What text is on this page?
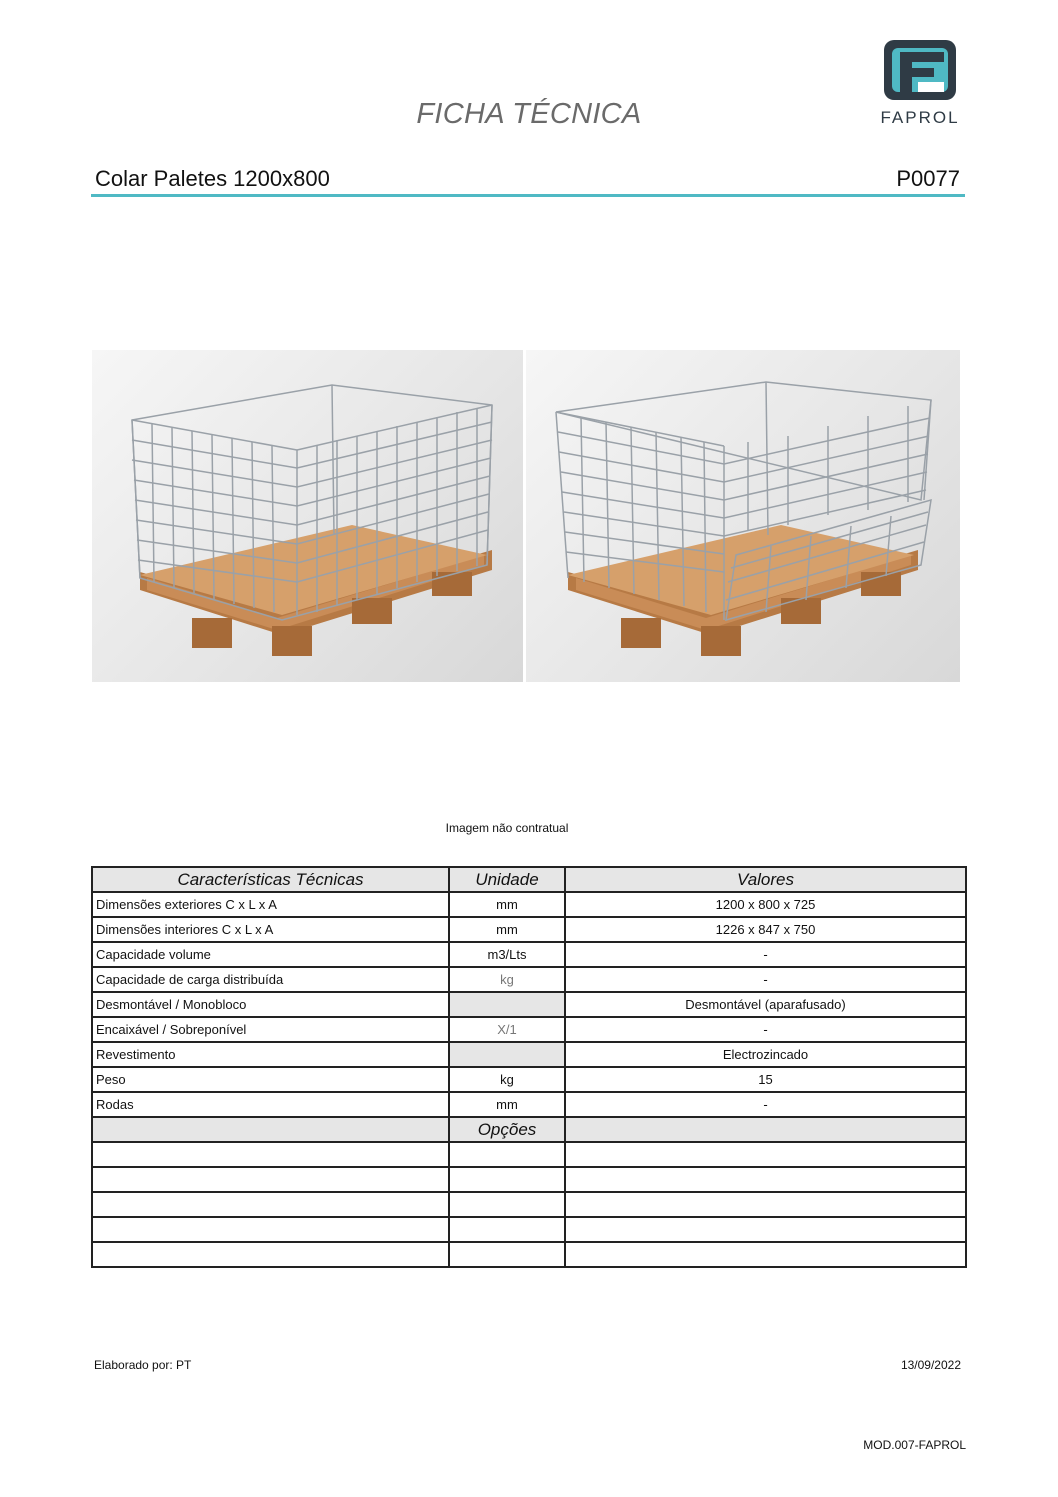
FICHA TÉCNICA	FAPROL
Colar Paletes 1200x800	P0077
Imagem não contratual
Características Técnicas	Unidade	Valores
Dimensões exteriores C x L x A	mm	1200 x 800 x 725
Dimensões interiores C x L x A	mm	1226 x 847 x 750
Capacidade volume	m3/Lts	-
Capacidade de carga distribuída	kg	-
Desmontável / Monobloco		Desmontável (aparafusado)
Encaixável / Sobreponível	X/1	-
Revestimento		Electrozincado
Peso	kg	15
Rodas	mm	-
	Opções	

Elaborado por: PT	13/09/2022
MOD.007-FAPROL
